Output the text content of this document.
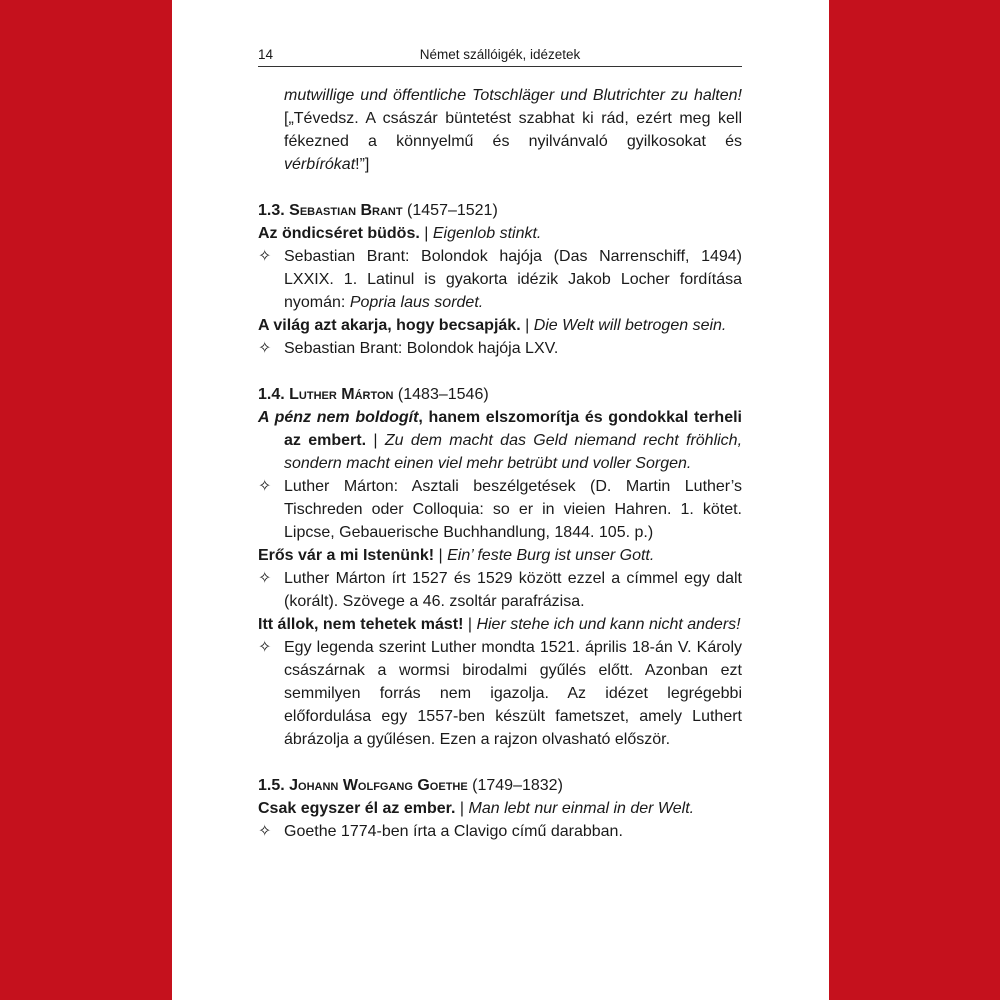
14	Német szállóigék, idézetek

mutwillige und öffentliche Totschläger und Blutrichter zu halten! [„Tévedsz. A császár büntetést szabhat ki rád, ezért meg kell fékezned a könnyelmű és nyilvánvaló gyilkosokat és vérbírókat!”]

1.3. Sebastian Brant (1457–1521)

Az öndicséret büdös. | Eigenlob stinkt.

✧ Sebastian Brant: Bolondok hajója (Das Narrenschiff, 1494) LXXIX. 1. Latinul is gyakorta idézik Jakob Locher fordítása nyomán: Popria laus sordet.

A világ azt akarja, hogy becsapják. | Die Welt will betrogen sein.

✧ Sebastian Brant: Bolondok hajója LXV.

1.4. Luther Márton (1483–1546)

A pénz nem boldogít, hanem elszomorítja és gondokkal terheli az embert. | Zu dem macht das Geld niemand recht fröhlich, sondern macht einen viel mehr betrübt und voller Sorgen.

✧ Luther Márton: Asztali beszélgetések (D. Martin Luther’s Tischreden oder Colloquia: so er in vieien Hahren. 1. kötet. Lipcse, Gebauerische Buchhandlung, 1844. 105. p.)

Erős vár a mi Istenünk! | Ein’ feste Burg ist unser Gott.

✧ Luther Márton írt 1527 és 1529 között ezzel a címmel egy dalt (korált). Szövege a 46. zsoltár parafrázisa.

Itt állok, nem tehetek mást! | Hier stehe ich und kann nicht anders!

✧ Egy legenda szerint Luther mondta 1521. április 18-án V. Károly császárnak a wormsi birodalmi gyűlés előtt. Azonban ezt semmilyen forrás nem igazolja. Az idézet legrégebbi előfordulása egy 1557-ben készült fametszet, amely Luthert ábrázolja a gyűlésen. Ezen a rajzon olvasható először.

1.5. Johann Wolfgang Goethe (1749–1832)

Csak egyszer él az ember. | Man lebt nur einmal in der Welt.

✧ Goethe 1774-ben írta a Clavigo című darabban.
